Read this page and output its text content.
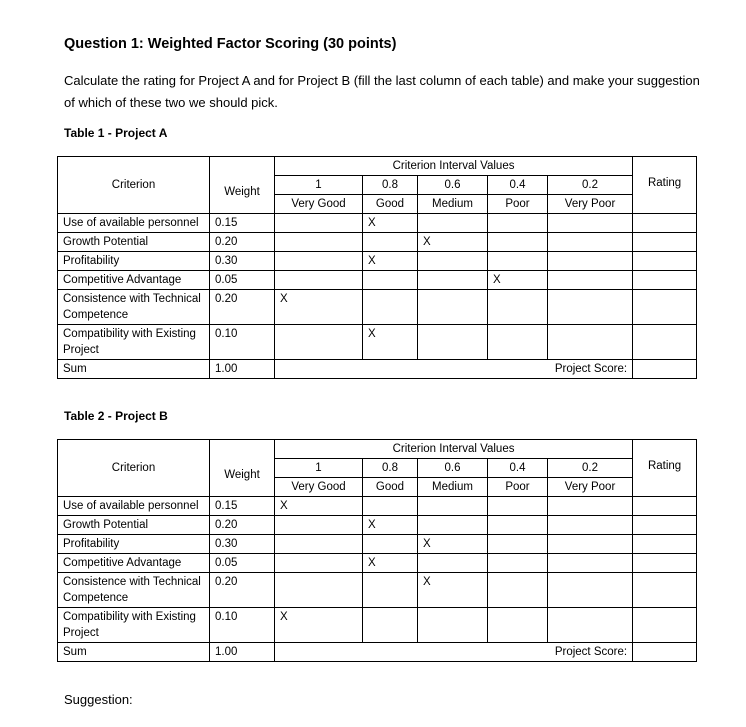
Question 1: Weighted Factor Scoring (30 points)
Calculate the rating for Project A and for Project B (fill the last column of each table) and make your suggestion of which of these two we should pick.
Table 1 - Project A
Criterion	Weight	Criterion Interval Values					Rating
		1	0.8	0.6	0.4	0.2	
		Very Good	Good	Medium	Poor	Very Poor	
Use of available personnel	0.15		X				
Growth Potential	0.20			X			
Profitability	0.30		X				
Competitive Advantage	0.05				X		
Consistence with Technical Competence	0.20	X					
Compatibility with Existing Project	0.10		X				
Sum	1.00	Project Score:					
Table 2 - Project B
Criterion	Weight	Criterion Interval Values					Rating
		1	0.8	0.6	0.4	0.2	
		Very Good	Good	Medium	Poor	Very Poor	
Use of available personnel	0.15	X					
Growth Potential	0.20		X				
Profitability	0.30			X			
Competitive Advantage	0.05		X				
Consistence with Technical Competence	0.20			X			
Compatibility with Existing Project	0.10	X					
Sum	1.00	Project Score:					
Suggestion:
